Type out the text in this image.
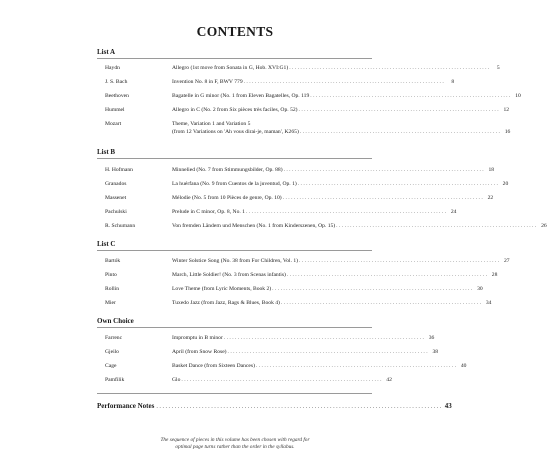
CONTENTS
List A
Haydn	Allegro (1st move from Sonata in G, Hob. XVI:G1) ........................................................................	5
J. S. Bach	Invention No. 8 in F, BWV 779 ........................................................................	8
Beethoven	Bagatelle in G minor (No. 1 from Eleven Bagatelles, Op. 119 ........................................................................ 10
Hummel	Allegro in C (No. 2 from Six pièces très faciles, Op. 52) ........................................................................ 12
Mozart	Theme, Variation 1 and Variation 5
(from 12 Variations on 'Ah vous dirai-je, maman', K265) ........................................................................ 16
List B
H. Hofmann	Minnelied (No. 7 from Stimmungsbilder, Op. 88) ........................................................................ 18
Granados	La huérfana (No. 9 from Cuentos de la juventud, Op. 1) ........................................................................ 20
Massenet	Mélodie (No. 5 from 10 Pièces de genre, Op. 10) ........................................................................ 22
Pachulski	Prelude in C minor, Op. 8, No. 1 ........................................................................ 24
R. Schumann	Von fremden Ländern und Menschen (No. 1 from Kinderszenen, Op. 15) ........................................................................ 26
List C
Bartók	Winter Solstice Song (No. 38 from For Children, Vol. 1) ........................................................................ 27
Pinto	March, Little Soldier! (No. 3 from Scenas infantis) ........................................................................ 28
Rollin	Love Theme (from Lyric Moments, Book 2) ........................................................................ 30
Mier	Tuxedo Jazz (from Jazz, Rags & Blues, Book 4) ........................................................................ 34
Own Choice
Farrenc	Impromptu in B minor ........................................................................ 36
Gjeilo	April (from Snow Rose) ........................................................................ 38
Cage	Basket Dance (from Sixteen Dances) ........................................................................ 40
Pamfilik	Glo ........................................................................ 42
Performance Notes .............................................................................................. 43
The sequence of pieces in this volume has been chosen with regard for
optimal page turns rather than the order in the syllabus.
